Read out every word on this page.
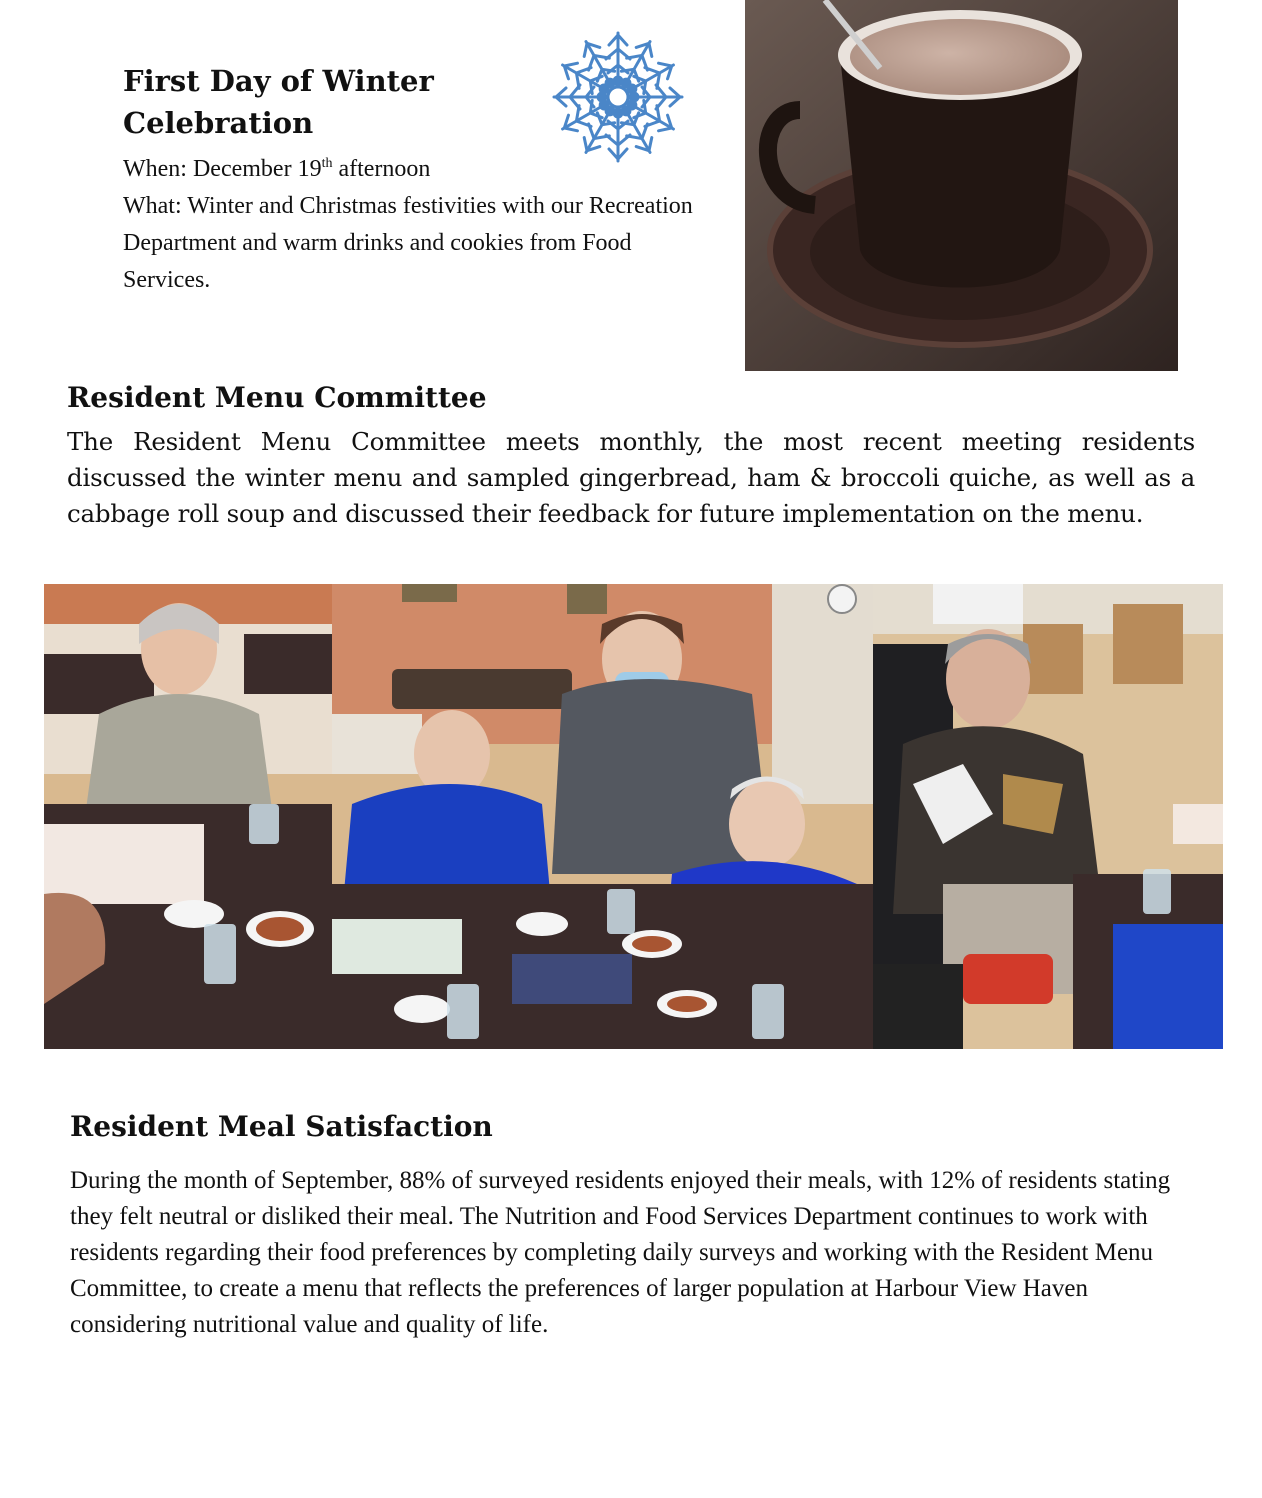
First Day of Winter Celebration
When: December 19th afternoon
What: Winter and Christmas festivities with our Recreation Department and warm drinks and cookies from Food Services.
Resident Menu Committee
The Resident Menu Committee meets monthly, the most recent meeting residents discussed the winter menu and sampled gingerbread, ham & broccoli quiche, as well as a cabbage roll soup and discussed their feedback for future implementation on the menu.
Resident Meal Satisfaction
During the month of September, 88% of surveyed residents enjoyed their meals, with 12% of residents stating they felt neutral or disliked their meal. The Nutrition and Food Services Department continues to work with residents regarding their food preferences by completing daily surveys and working with the Resident Menu Committee, to create a menu that reflects the preferences of larger population at Harbour View Haven considering nutritional value and quality of life.
